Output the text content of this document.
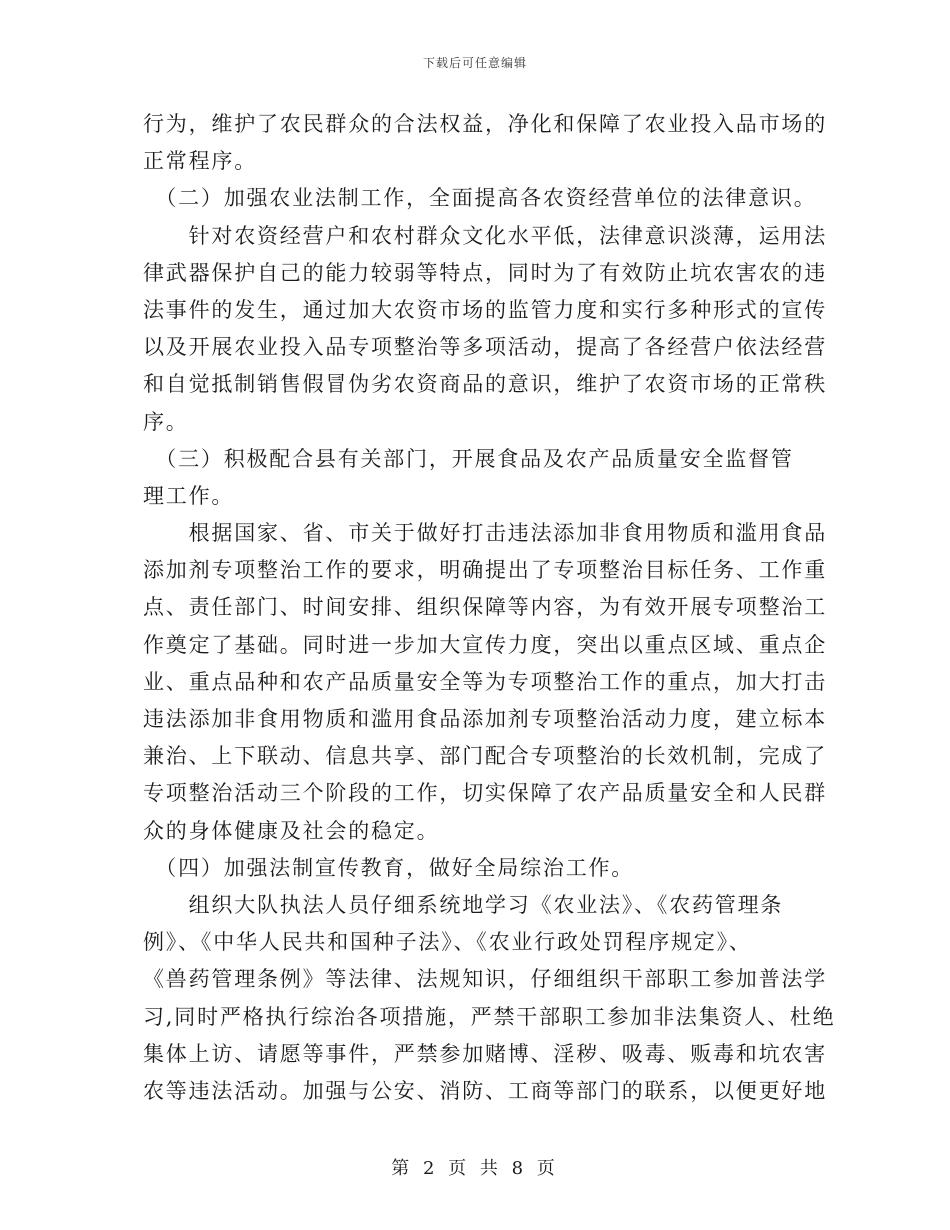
下载后可任意编辑
行为，维护了农民群众的合法权益，净化和保障了农业投入品市场的
正常程序。
　（二）加强农业法制工作，全面提高各农资经营单位的法律意识。
　　针对农资经营户和农村群众文化水平低，法律意识淡薄，运用法
律武器保护自己的能力较弱等特点，同时为了有效防止坑农害农的违
法事件的发生，通过加大农资市场的监管力度和实行多种形式的宣传
以及开展农业投入品专项整治等多项活动，提高了各经营户依法经营
和自觉抵制销售假冒伪劣农资商品的意识，维护了农资市场的正常秩
序。
　（三）积极配合县有关部门，开展食品及农产品质量安全监督管
理工作。
　　根据国家、省、市关于做好打击违法添加非食用物质和滥用食品
添加剂专项整治工作的要求，明确提出了专项整治目标任务、工作重
点、责任部门、时间安排、组织保障等内容，为有效开展专项整治工
作奠定了基础。同时进一步加大宣传力度，突出以重点区域、重点企
业、重点品种和农产品质量安全等为专项整治工作的重点，加大打击
违法添加非食用物质和滥用食品添加剂专项整治活动力度，建立标本
兼治、上下联动、信息共享、部门配合专项整治的长效机制，完成了
专项整治活动三个阶段的工作，切实保障了农产品质量安全和人民群
众的身体健康及社会的稳定。
　（四）加强法制宣传教育，做好全局综治工作。
　　组织大队执法人员仔细系统地学习《农业法》、《农药管理条
例》、《中华人民共和国种子法》、《农业行政处罚程序规定》、
《兽药管理条例》等法律、法规知识，仔细组织干部职工参加普法学
习,同时严格执行综治各项措施，严禁干部职工参加非法集资人、杜绝
集体上访、请愿等事件，严禁参加赌博、淫秽、吸毒、贩毒和坑农害
农等违法活动。加强与公安、消防、工商等部门的联系，以便更好地
第 2 页 共 8 页
